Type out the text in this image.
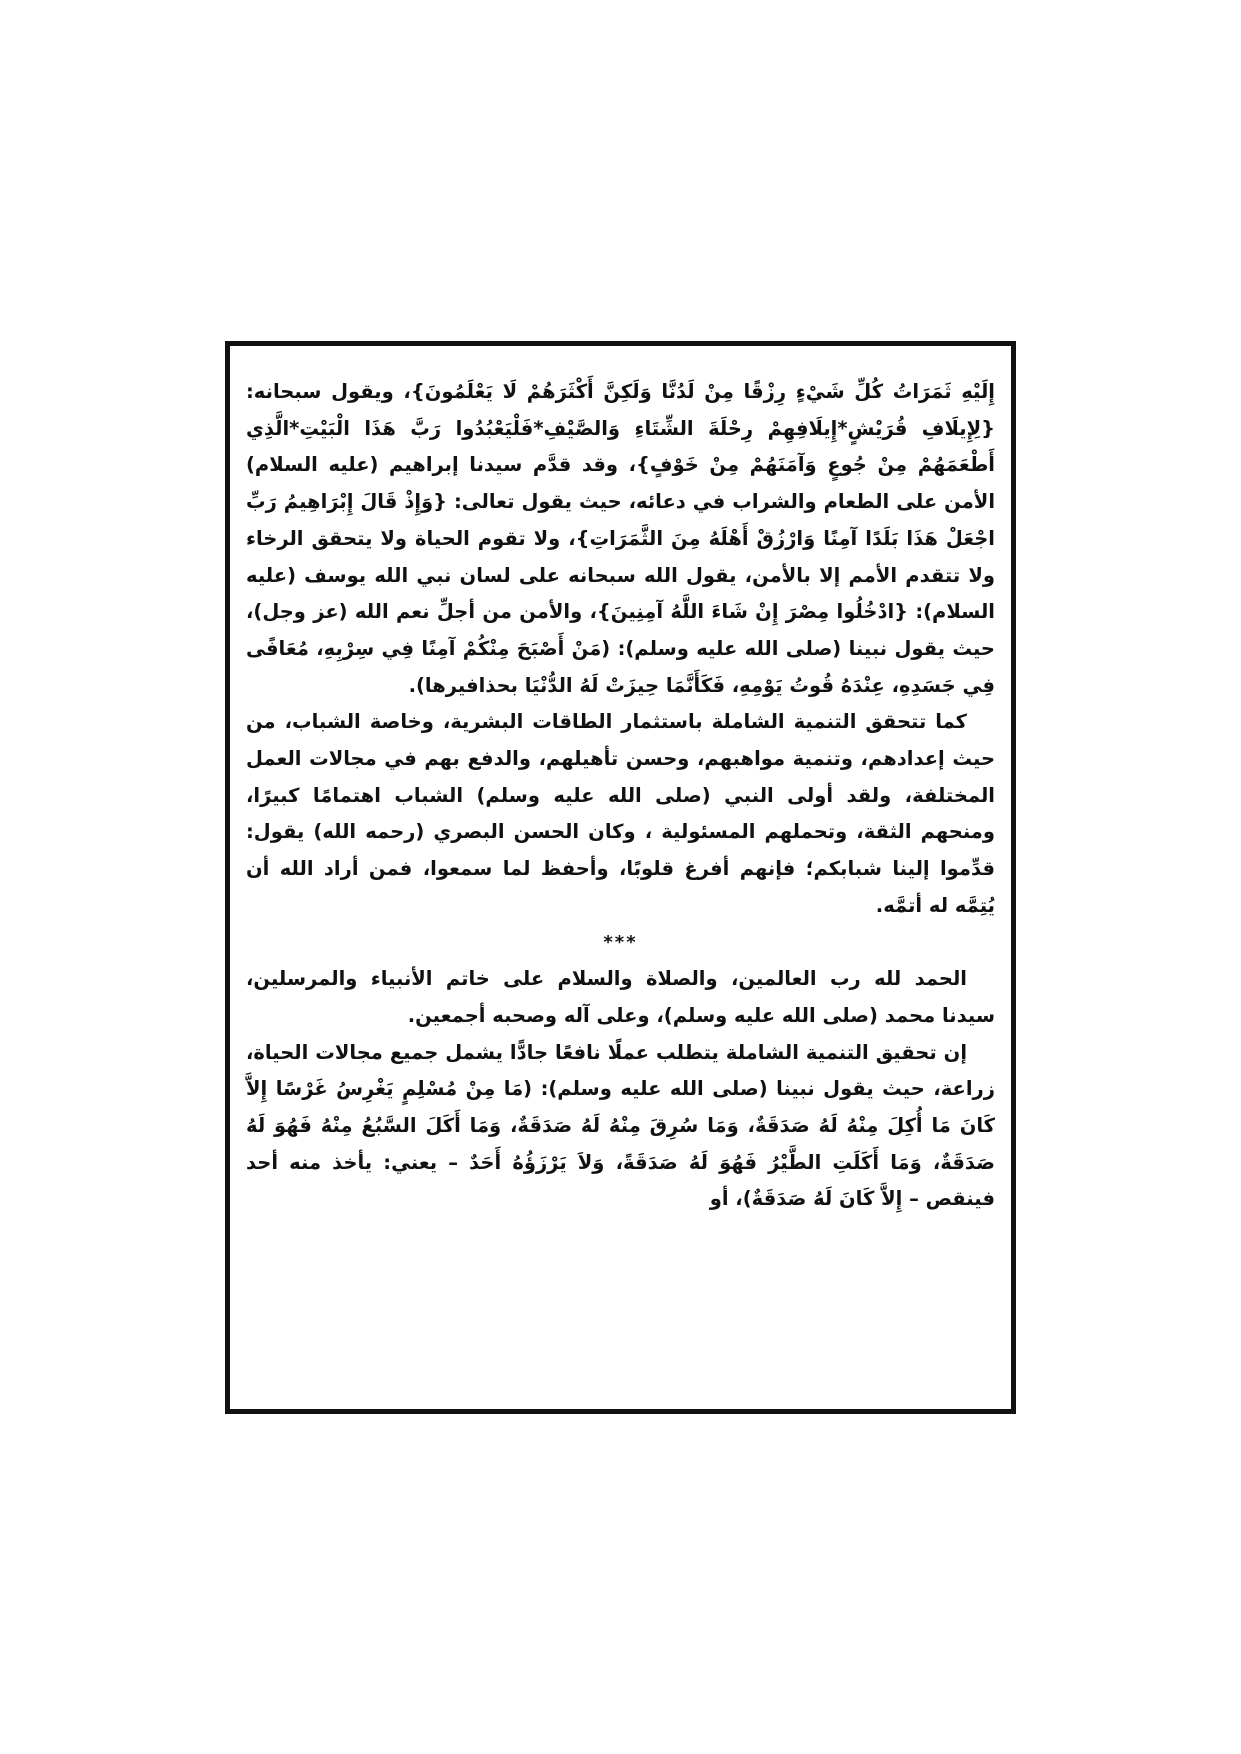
إِلَيْهِ ثَمَرَاتُ كُلِّ شَيْءٍ رِزْقًا مِنْ لَدُنَّا وَلَكِنَّ أَكْثَرَهُمْ لَا يَعْلَمُونَ}، ويقول سبحانه: {لِإِيلَافِ قُرَيْشٍ*إِيلَافِهِمْ رِحْلَةَ الشِّتَاءِ وَالصَّيْفِ*فَلْيَعْبُدُوا رَبَّ هَذَا الْبَيْتِ*الَّذِي أَطْعَمَهُمْ مِنْ جُوعٍ وَآمَنَهُمْ مِنْ خَوْفٍ}، وقد قدَّم سيدنا إبراهيم (عليه السلام) الأمن على الطعام والشراب في دعائه، حيث يقول تعالى: {وَإِذْ قَالَ إِبْرَاهِيمُ رَبِّ اجْعَلْ هَذَا بَلَدًا آمِنًا وَارْزُقْ أَهْلَهُ مِنَ الثَّمَرَاتِ}، ولا تقوم الحياة ولا يتحقق الرخاء ولا تتقدم الأمم إلا بالأمن، يقول الله سبحانه على لسان نبي الله يوسف (عليه السلام): {ادْخُلُوا مِصْرَ إِنْ شَاءَ اللَّهُ آمِنِينَ}، والأمن من أجلِّ نعم الله (عز وجل)، حيث يقول نبينا (صلى الله عليه وسلم): (مَنْ أَصْبَحَ مِنْكُمْ آمِنًا فِي سِرْبِهِ، مُعَافًى فِي جَسَدِهِ، عِنْدَهُ قُوتُ يَوْمِهِ، فَكَأَنَّمَا حِيزَتْ لَهُ الدُّنْيَا بحذافيرها).

كما تتحقق التنمية الشاملة باستثمار الطاقات البشرية، وخاصة الشباب، من حيث إعدادهم، وتنمية مواهبهم، وحسن تأهيلهم، والدفع بهم في مجالات العمل المختلفة، ولقد أولى النبي (صلى الله عليه وسلم) الشباب اهتمامًا كبيرًا، ومنحهم الثقة، وتحملهم المسئولية ، وكان الحسن البصري (رحمه الله) يقول: قدِّموا إلينا شبابكم؛ فإنهم أفرغ قلوبًا، وأحفظ لما سمعوا، فمن أراد الله أن يُتِمَّه له أتمَّه.

***

الحمد لله رب العالمين، والصلاة والسلام على خاتم الأنبياء والمرسلين، سيدنا محمد (صلى الله عليه وسلم)، وعلى آله وصحبه أجمعين.

إن تحقيق التنمية الشاملة يتطلب عملًا نافعًا جادًّا يشمل جميع مجالات الحياة، زراعة، حيث يقول نبينا (صلى الله عليه وسلم): (مَا مِنْ مُسْلِمٍ يَغْرِسُ غَرْسًا إِلاَّ كَانَ مَا أُكِلَ مِنْهُ لَهُ صَدَقَةٌ، وَمَا سُرِقَ مِنْهُ لَهُ صَدَقَةٌ، وَمَا أَكَلَ السَّبُعُ مِنْهُ فَهُوَ لَهُ صَدَقَةٌ، وَمَا أَكَلَتِ الطَّيْرُ فَهُوَ لَهُ صَدَقَةً، وَلاَ يَرْزَؤُهُ أَحَدٌ – يعني: يأخذ منه أحد فينقص – إِلاَّ كَانَ لَهُ صَدَقَةٌ)، أو
